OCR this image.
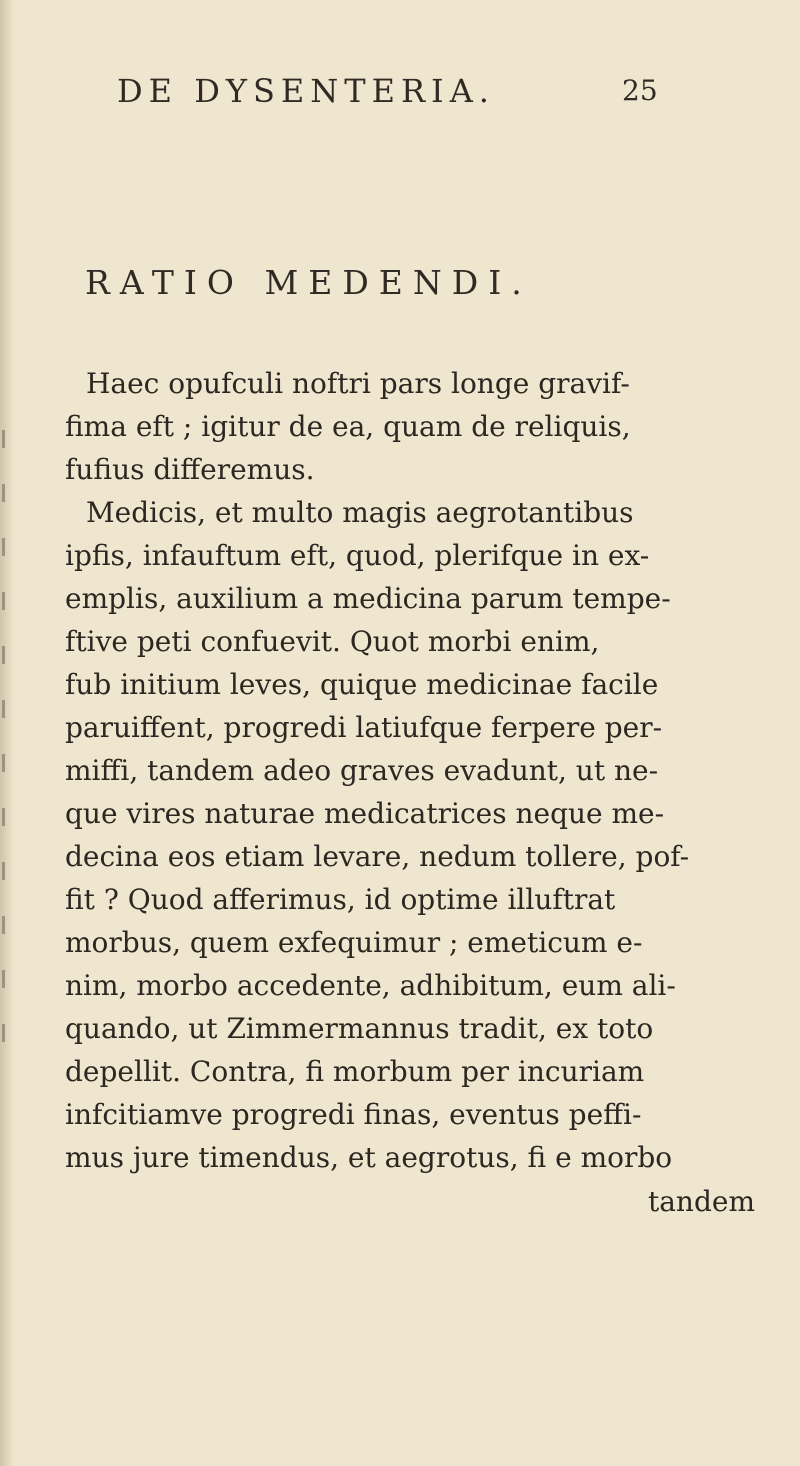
DE DYSENTERIA.	25
RATIO MEDENDI.
Haec opufculi noftri pars longe gravif-
fima eft ; igitur de ea, quam de reliquis,
fufius differemus.
Medicis, et multo magis aegrotantibus
ipfis, infauftum eft, quod, plerifque in ex-
emplis, auxilium a medicina parum tempe-
ftive peti confuevit. Quot morbi enim,
fub initium leves, quique medicinae facile
paruiffent, progredi latiufque ferpere per-
miffi, tandem adeo graves evadunt, ut ne-
que vires naturae medicatrices neque me-
decina eos etiam levare, nedum tollere, pof-
fit ? Quod afferimus, id optime illuftrat
morbus, quem exfequimur ; emeticum e-
nim, morbo accedente, adhibitum, eum ali-
quando, ut Zimmermannus tradit, ex toto
depellit. Contra, fi morbum per incuriam
infcitiamve progredi finas, eventus peffi-
mus jure timendus, et aegrotus, fi e morbo
tandem
